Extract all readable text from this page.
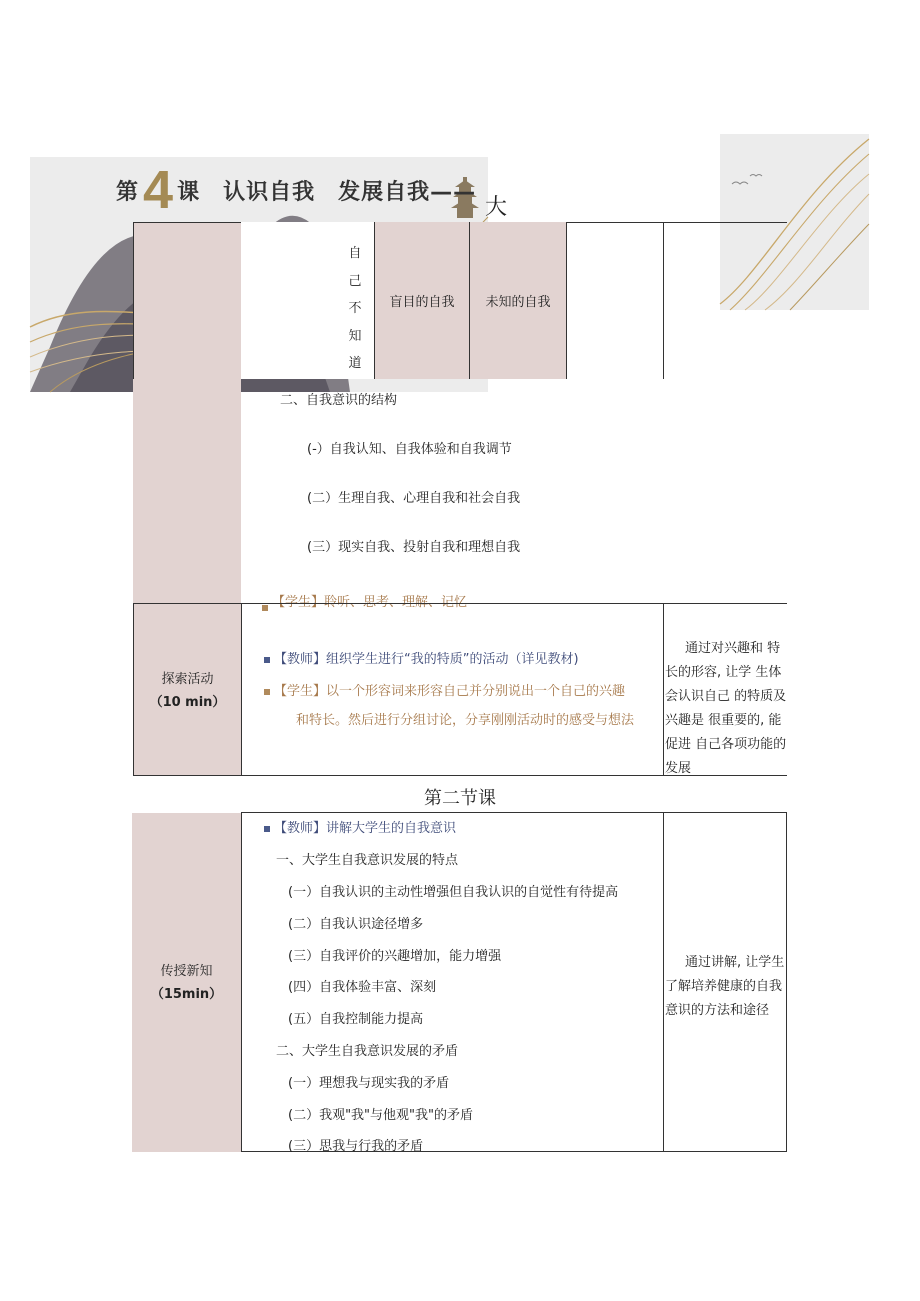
第 4 课　认识自我　发展自我——
大
自
己
不
知
道
盲目的自我	未知的自我
二、自我意识的结构
(-）自我认知、自我体验和自我调节
(二）生理自我、心理自我和社会自我
(三）现实自我、投射自我和理想自我
【学生】聆听、思考、理解、记忆
探索活动
（10 min）
【教师】组织学生进行“我的特质”的活动（详见教材)
【学生】以一个形容词来形容自己并分别说出一个自己的兴趣
和特长。然后进行分组讨论，分享刚刚活动时的感受与想法
通过对兴趣和 特
长的形容, 让学 生体
会认识自己 的特质及
兴趣是 很重要的, 能
促进 自己各项功能的
发展
第二节课
传授新知
（15min）
【教师】讲解大学生的自我意识
一、大学生自我意识发展的特点
(一）自我认识的主动性增强但自我认识的自觉性有待提高
(二）自我认识途径增多
(三）自我评价的兴趣增加，能力增强
(四）自我体验丰富、深刻
(五）自我控制能力提高
二、大学生自我意识发展的矛盾
(一）理想我与现实我的矛盾
(二）我观"我"与他观"我"的矛盾
(三）思我与行我的矛盾
通过讲解, 让学生
了解培养健康的自我
意识的方法和途径
